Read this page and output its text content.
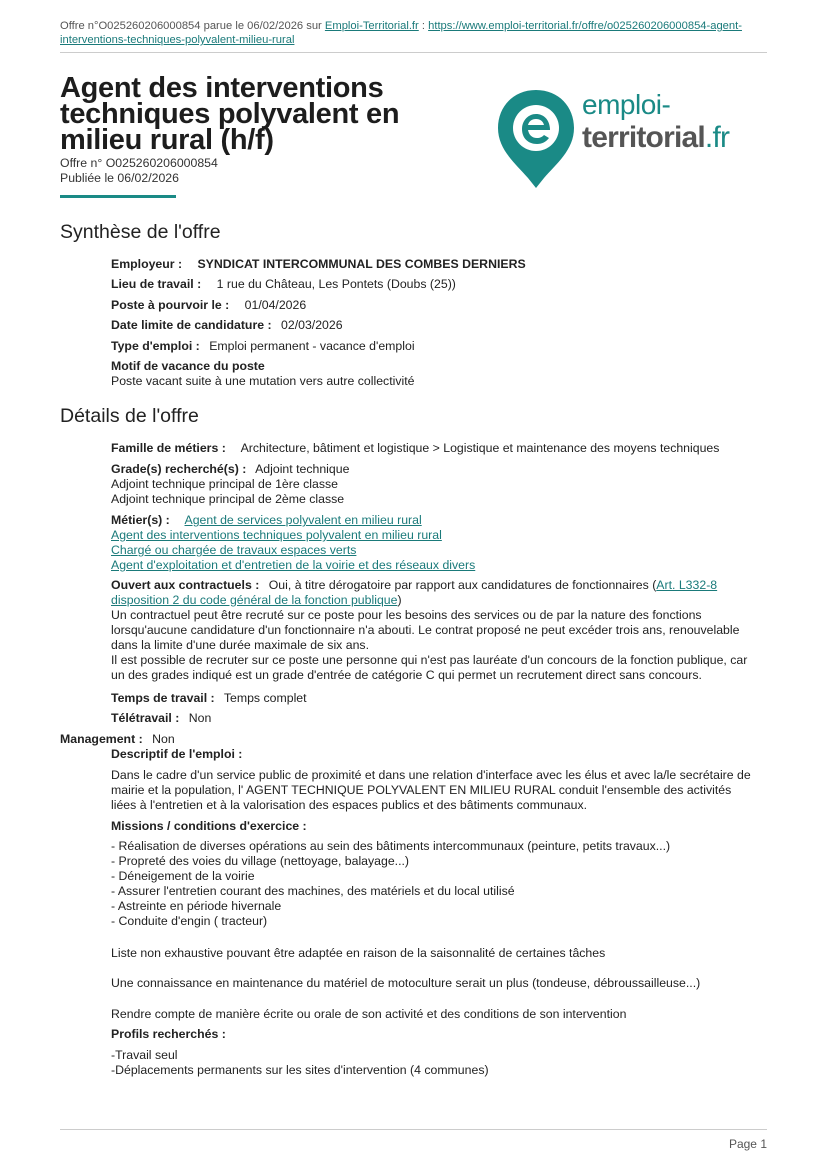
Offre n°O025260206000854 parue le 06/02/2026 sur Emploi-Territorial.fr : https://www.emploi-territorial.fr/offre/o025260206000854-agent-
interventions-techniques-polyvalent-milieu-rural
Agent des interventions
techniques polyvalent en
milieu rural (h/f)
Offre n° O025260206000854
Publiée le 06/02/2026
emploi-
territorial.fr
Synthèse de l'offre
Employeur : SYNDICAT INTERCOMMUNAL DES COMBES DERNIERS
Lieu de travail : 1 rue du Château, Les Pontets (Doubs (25))
Poste à pourvoir le : 01/04/2026
Date limite de candidature : 02/03/2026
Type d'emploi : Emploi permanent - vacance d'emploi
Motif de vacance du poste
Poste vacant suite à une mutation vers autre collectivité
Détails de l'offre
Famille de métiers : Architecture, bâtiment et logistique > Logistique et maintenance des moyens techniques
Grade(s) recherché(s) : Adjoint technique
Adjoint technique principal de 1ère classe
Adjoint technique principal de 2ème classe
Métier(s) : Agent de services polyvalent en milieu rural
Agent des interventions techniques polyvalent en milieu rural
Chargé ou chargée de travaux espaces verts
Agent d'exploitation et d'entretien de la voirie et des réseaux divers
Ouvert aux contractuels : Oui, à titre dérogatoire par rapport aux candidatures de fonctionnaires (Art. L332-8
disposition 2 du code général de la fonction publique)
Un contractuel peut être recruté sur ce poste pour les besoins des services ou de par la nature des fonctions
lorsqu'aucune candidature d'un fonctionnaire n'a abouti. Le contrat proposé ne peut excéder trois ans, renouvelable
dans la limite d'une durée maximale de six ans.
Il est possible de recruter sur ce poste une personne qui n'est pas lauréate d'un concours de la fonction publique, car
un des grades indiqué est un grade d'entrée de catégorie C qui permet un recrutement direct sans concours.
Temps de travail : Temps complet
Télétravail : Non
Management : Non
Descriptif de l'emploi :
Dans le cadre d'un service public de proximité et dans une relation d'interface avec les élus et avec la/le secrétaire de
mairie et la population, l' AGENT TECHNIQUE POLYVALENT EN MILIEU RURAL conduit l'ensemble des activités
liées à l'entretien et à la valorisation des espaces publics et des bâtiments communaux.
Missions / conditions d'exercice :
- Réalisation de diverses opérations au sein des bâtiments intercommunaux (peinture, petits travaux...)
- Propreté des voies du village (nettoyage, balayage...)
- Déneigement de la voirie
- Assurer l'entretien courant des machines, des matériels et du local utilisé
- Astreinte en période hivernale
- Conduite d'engin ( tracteur)
Liste non exhaustive pouvant être adaptée en raison de la saisonnalité de certaines tâches
Une connaissance en maintenance du matériel de motoculture serait un plus (tondeuse, débroussailleuse...)
Rendre compte de manière écrite ou orale de son activité et des conditions de son intervention
Profils recherchés :
-Travail seul
-Déplacements permanents sur les sites d'intervention (4 communes)
Page 1
